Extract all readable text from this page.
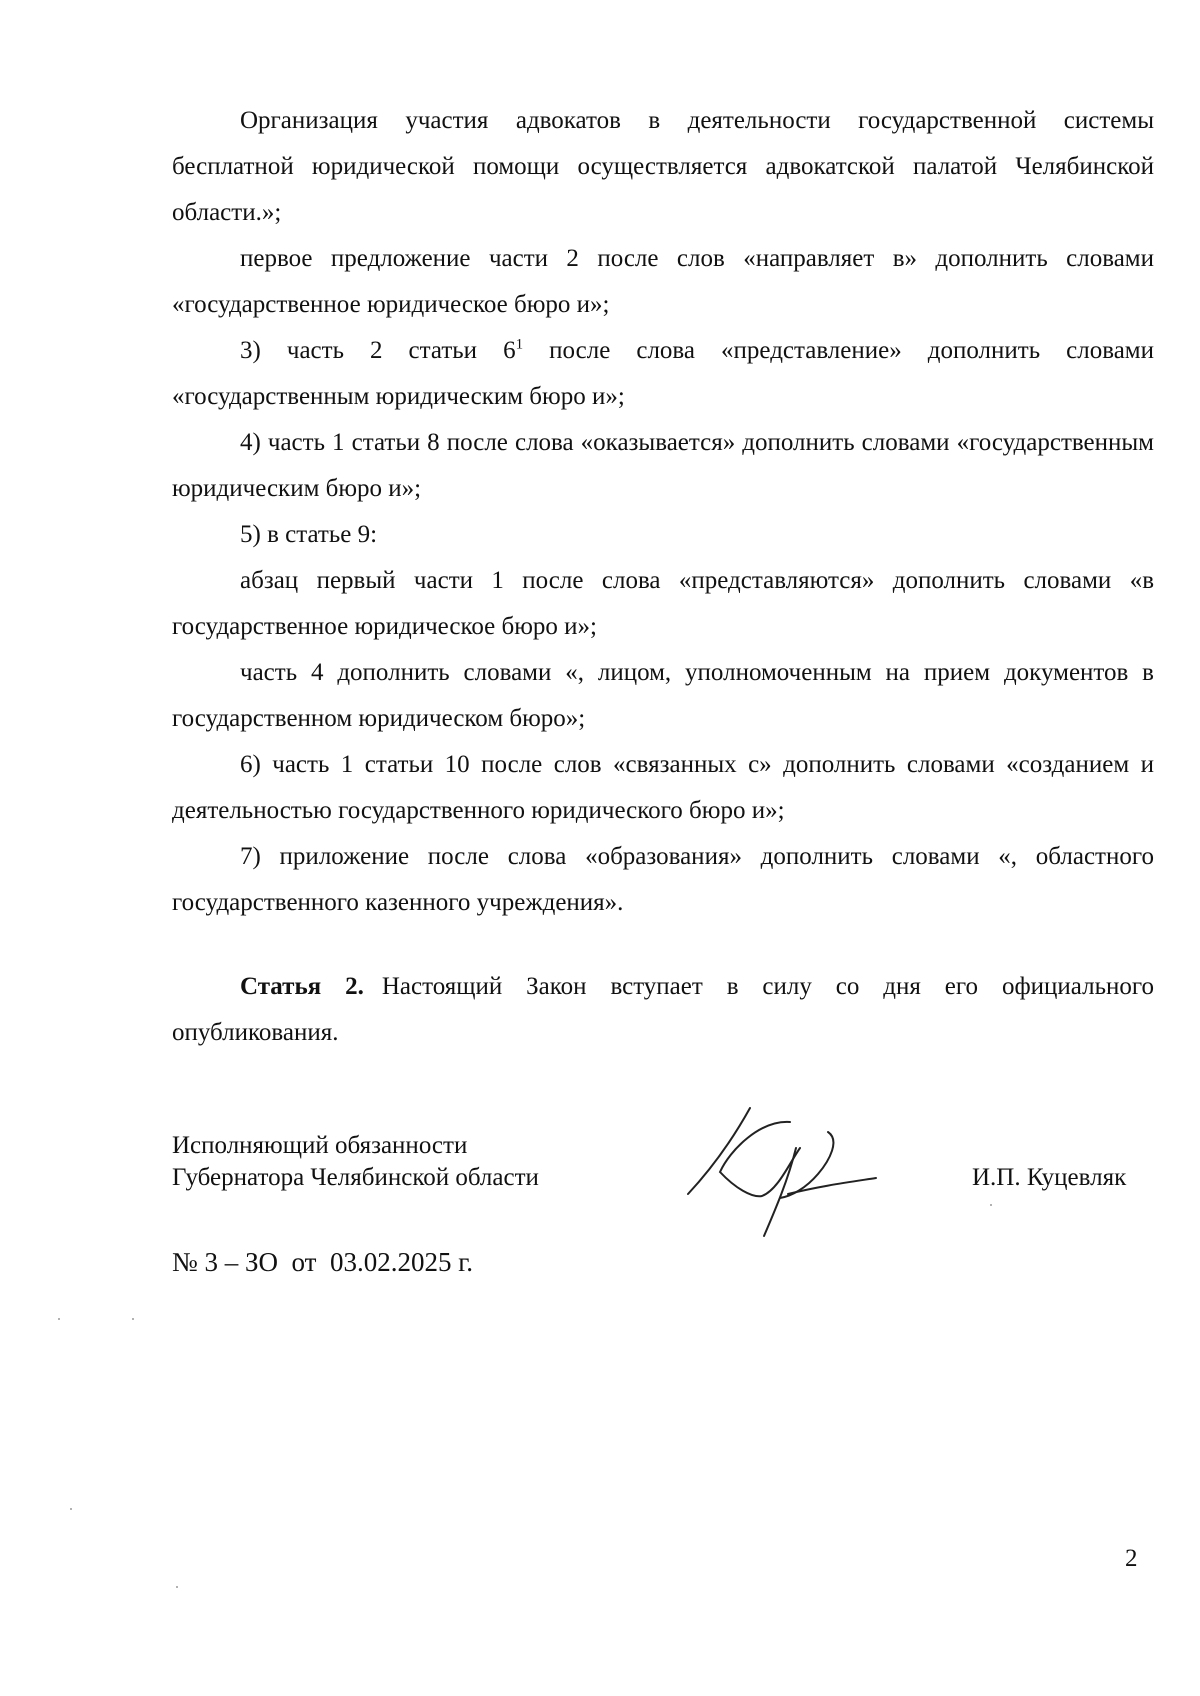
Организация участия адвокатов в деятельности государственной системы бесплатной юридической помощи осуществляется адвокатской палатой Челябинской области.»;

первое предложение части 2 после слов «направляет в» дополнить словами «государственное юридическое бюро и»;

3) часть 2 статьи $6^1$ после слова «представление» дополнить словами «государственным юридическим бюро и»;

4) часть 1 статьи 8 после слова «оказывается» дополнить словами «государственным юридическим бюро и»;

5) в статье 9:

абзац первый части 1 после слова «представляются» дополнить словами «в государственное юридическое бюро и»;

часть 4 дополнить словами «, лицом, уполномоченным на прием документов в государственном юридическом бюро»;

6) часть 1 статьи 10 после слов «связанных с» дополнить словами «созданием и деятельностью государственного юридического бюро и»;

7) приложение после слова «образования» дополнить словами «, областного государственного казенного учреждения».

Статья 2. Настоящий Закон вступает в силу со дня его официального опубликования.

Исполняющий обязанности
Губернатора Челябинской области	И.П. Куцевляк
№ 3 – ЗО  от  03.02.2025 г.
2
